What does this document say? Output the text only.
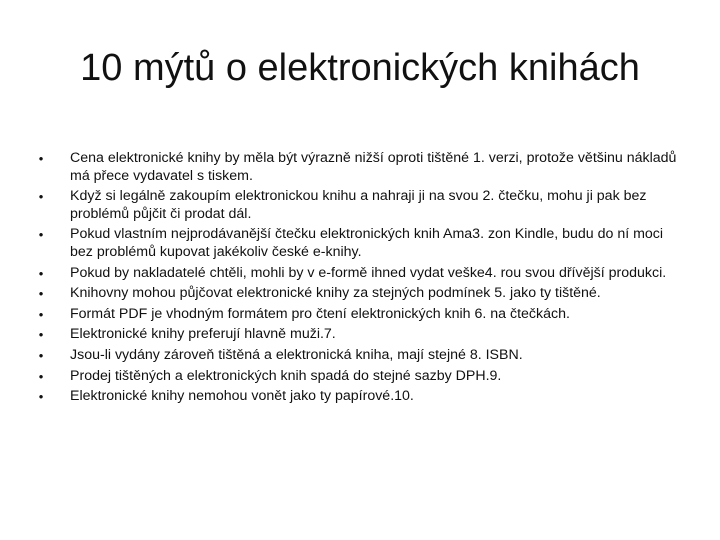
10 mýtů o elektronických knihách
• Cena elektronické knihy by měla být výrazně nižší oproti tištěné 1. verzi, protože většinu nákladů má přece vydavatel s tiskem.
• Když si legálně zakoupím elektronickou knihu a nahraji ji na svou 2. čtečku, mohu ji pak bez problémů půjčit či prodat dál.
• Pokud vlastním nejprodávanější čtečku elektronických knih Ama3. zon Kindle, budu do ní moci bez problémů kupovat jakékoliv české e‑knihy.
• Pokud by nakladatelé chtěli, mohli by v e‑formě ihned vydat veške4. rou svou dřívější produkci.
• Knihovny mohou půjčovat elektronické knihy za stejných podmínek 5. jako ty tištěné.
• Formát PDF je vhodným formátem pro čtení elektronických knih 6. na čtečkách.
• Elektronické knihy preferují hlavně muži.7.
• Jsou‑li vydány zároveň tištěná a elektronická kniha, mají stejné 8. ISBN.
• Prodej tištěných a elektronických knih spadá do stejné sazby DPH.9.
• Elektronické knihy nemohou vonět jako ty papírové.10.
